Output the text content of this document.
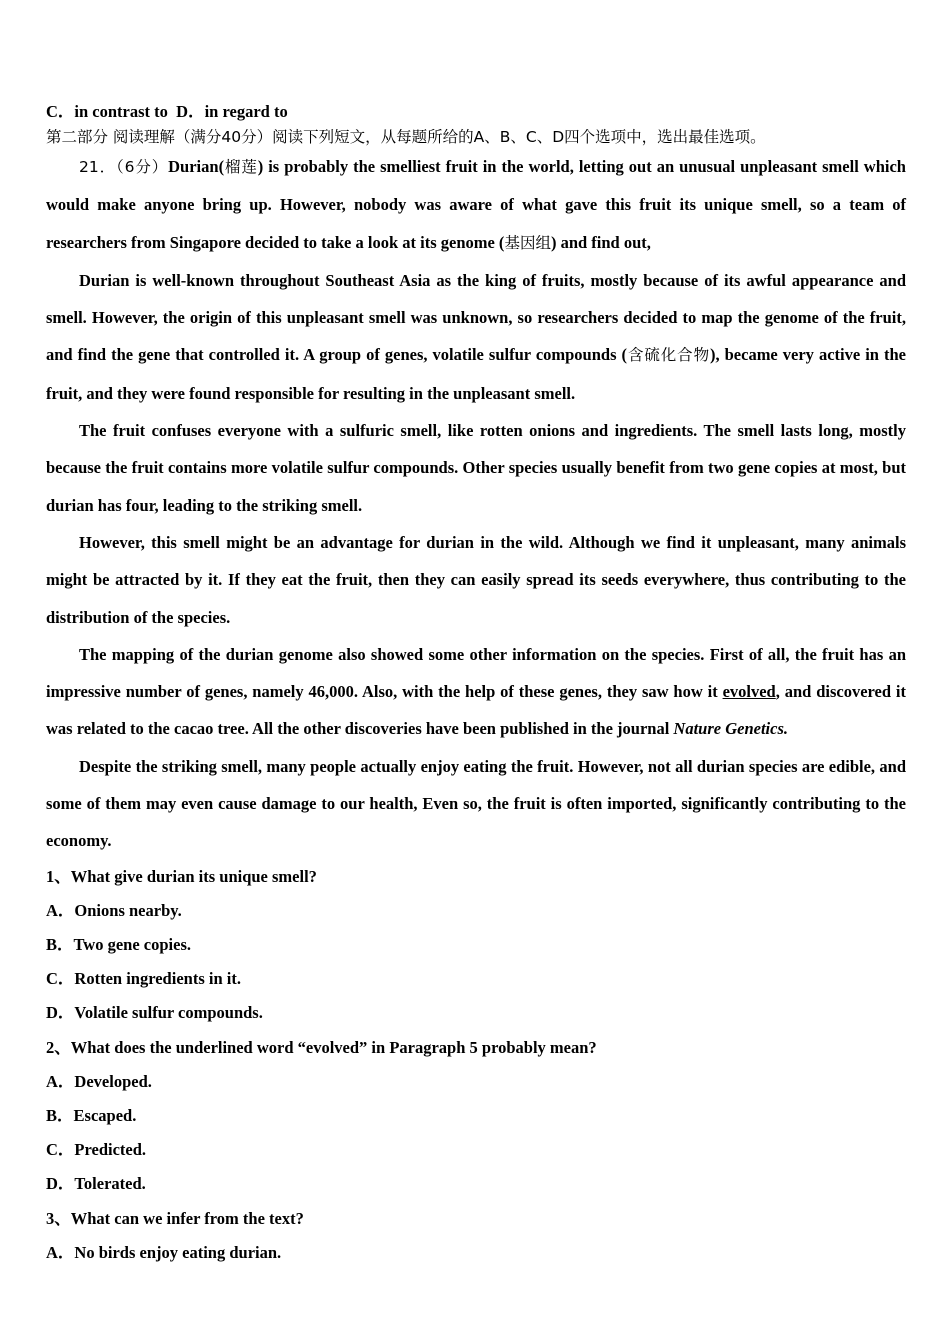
C．in contrast to D．in regard to
第二部分 阅读理解（满分40分）阅读下列短文，从每题所给的A、B、C、D四个选项中，选出最佳选项。

21．（6分）Durian(榴莲) is probably the smelliest fruit in the world, letting out an unusual unpleasant smell which would make anyone bring up. However, nobody was aware of what gave this fruit its unique smell, so a team of researchers from Singapore decided to take a look at its genome (基因组) and find out,

Durian is well-known throughout Southeast Asia as the king of fruits, mostly because of its awful appearance and smell. However, the origin of this unpleasant smell was unknown, so researchers decided to map the genome of the fruit, and find the gene that controlled it. A group of genes, volatile sulfur compounds (含硫化合物), became very active in the fruit, and they were found responsible for resulting in the unpleasant smell.

The fruit confuses everyone with a sulfuric smell, like rotten onions and ingredients. The smell lasts long, mostly because the fruit contains more volatile sulfur compounds. Other species usually benefit from two gene copies at most, but durian has four, leading to the striking smell.

However, this smell might be an advantage for durian in the wild. Although we find it unpleasant, many animals might be attracted by it. If they eat the fruit, then they can easily spread its seeds everywhere, thus contributing to the distribution of the species.

The mapping of the durian genome also showed some other information on the species. First of all, the fruit has an impressive number of genes, namely 46,000. Also, with the help of these genes, they saw how it evolved, and discovered it was related to the cacao tree. All the other discoveries have been published in the journal Nature Genetics.

Despite the striking smell, many people actually enjoy eating the fruit. However, not all durian species are edible, and some of them may even cause damage to our health, Even so, the fruit is often imported, significantly contributing to the economy.

1、What give durian its unique smell?
A．Onions nearby.
B．Two gene copies.
C．Rotten ingredients in it.
D．Volatile sulfur compounds.
2、What does the underlined word “evolved” in Paragraph 5 probably mean?
A．Developed.
B．Escaped.
C．Predicted.
D．Tolerated.
3、What can we infer from the text?
A．No birds enjoy eating durian.
